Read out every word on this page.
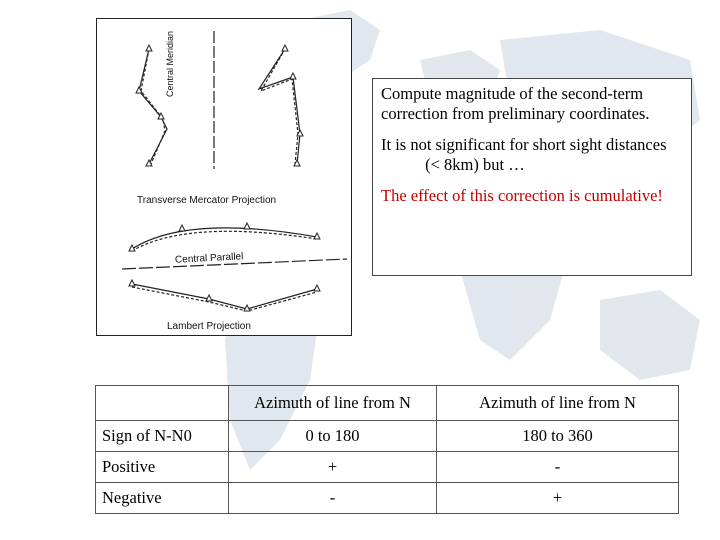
Central Meridian
Transverse Mercator Projection
Central Parallel
Lambert Projection

Compute magnitude of the second-term correction from preliminary coordinates.

It is not significant for short sight distances  (< 8km) but …

The effect of this correction is cumulative!

	Azimuth of line from N	Azimuth of line from N
Sign of N-N0	0 to 180	180 to 360
Positive	+	-
Negative	-	+
